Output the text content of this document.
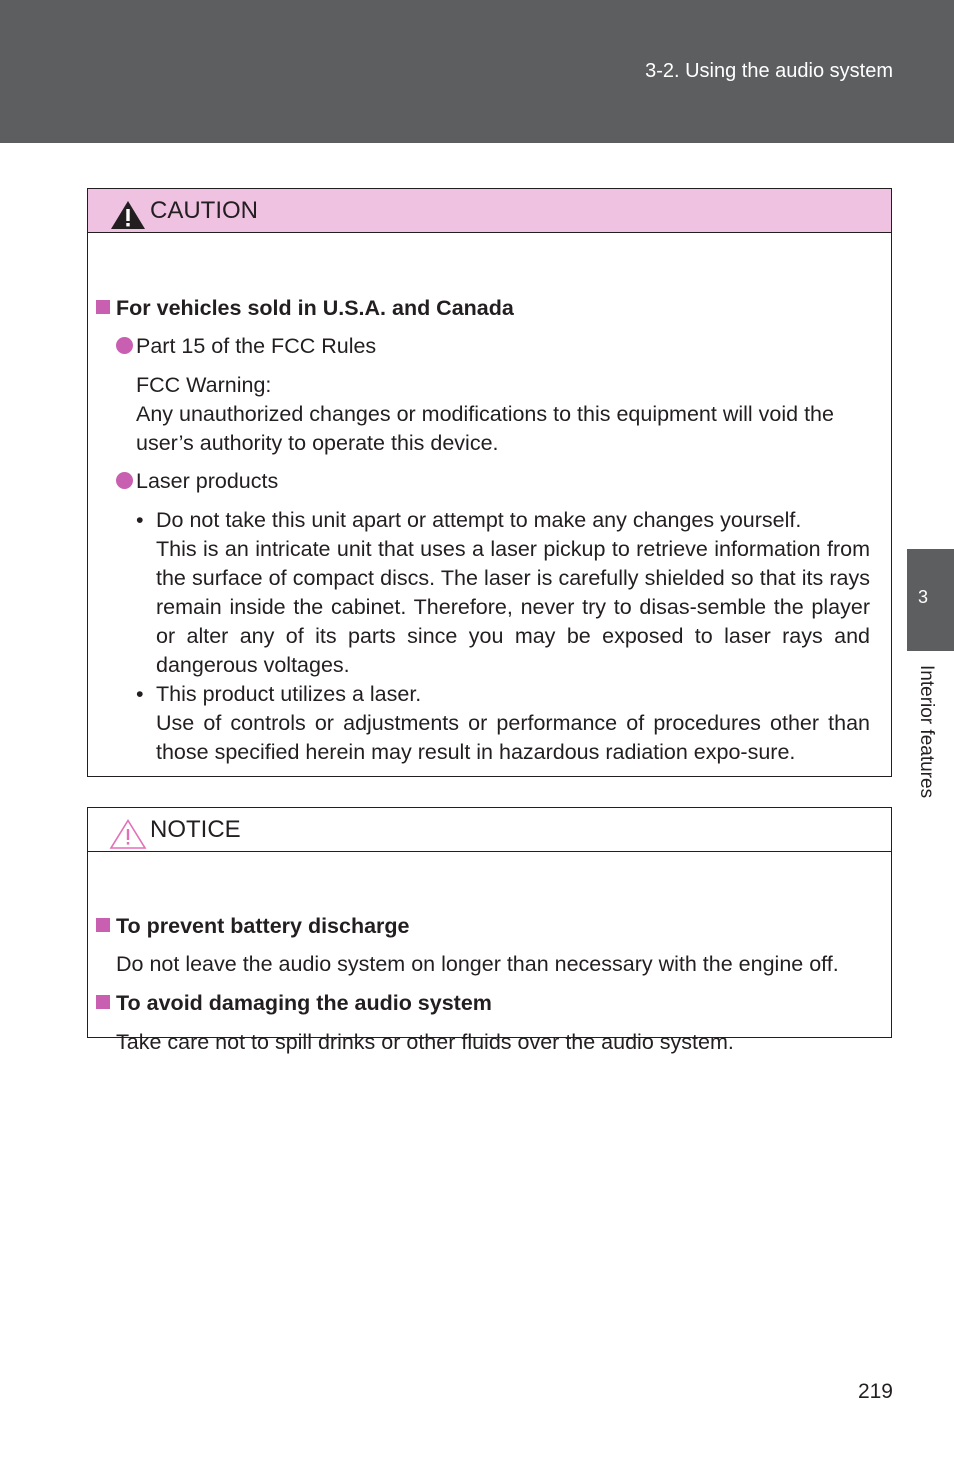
3-2. Using the audio system
3
Interior features
CAUTION
For vehicles sold in U.S.A. and Canada
Part 15 of the FCC Rules
FCC Warning:
Any unauthorized changes or modifications to this equipment will void the user’s authority to operate this device.
Laser products
• Do not take this unit apart or attempt to make any changes yourself.
This is an intricate unit that uses a laser pickup to retrieve information from the surface of compact discs. The laser is carefully shielded so that its rays remain inside the cabinet. Therefore, never try to disas-semble the player or alter any of its parts since you may be exposed to laser rays and dangerous voltages.
• This product utilizes a laser.
Use of controls or adjustments or performance of procedures other than those specified herein may result in hazardous radiation expo-sure.
NOTICE
To prevent battery discharge
Do not leave the audio system on longer than necessary with the engine off.
To avoid damaging the audio system
Take care not to spill drinks or other fluids over the audio system.
219
